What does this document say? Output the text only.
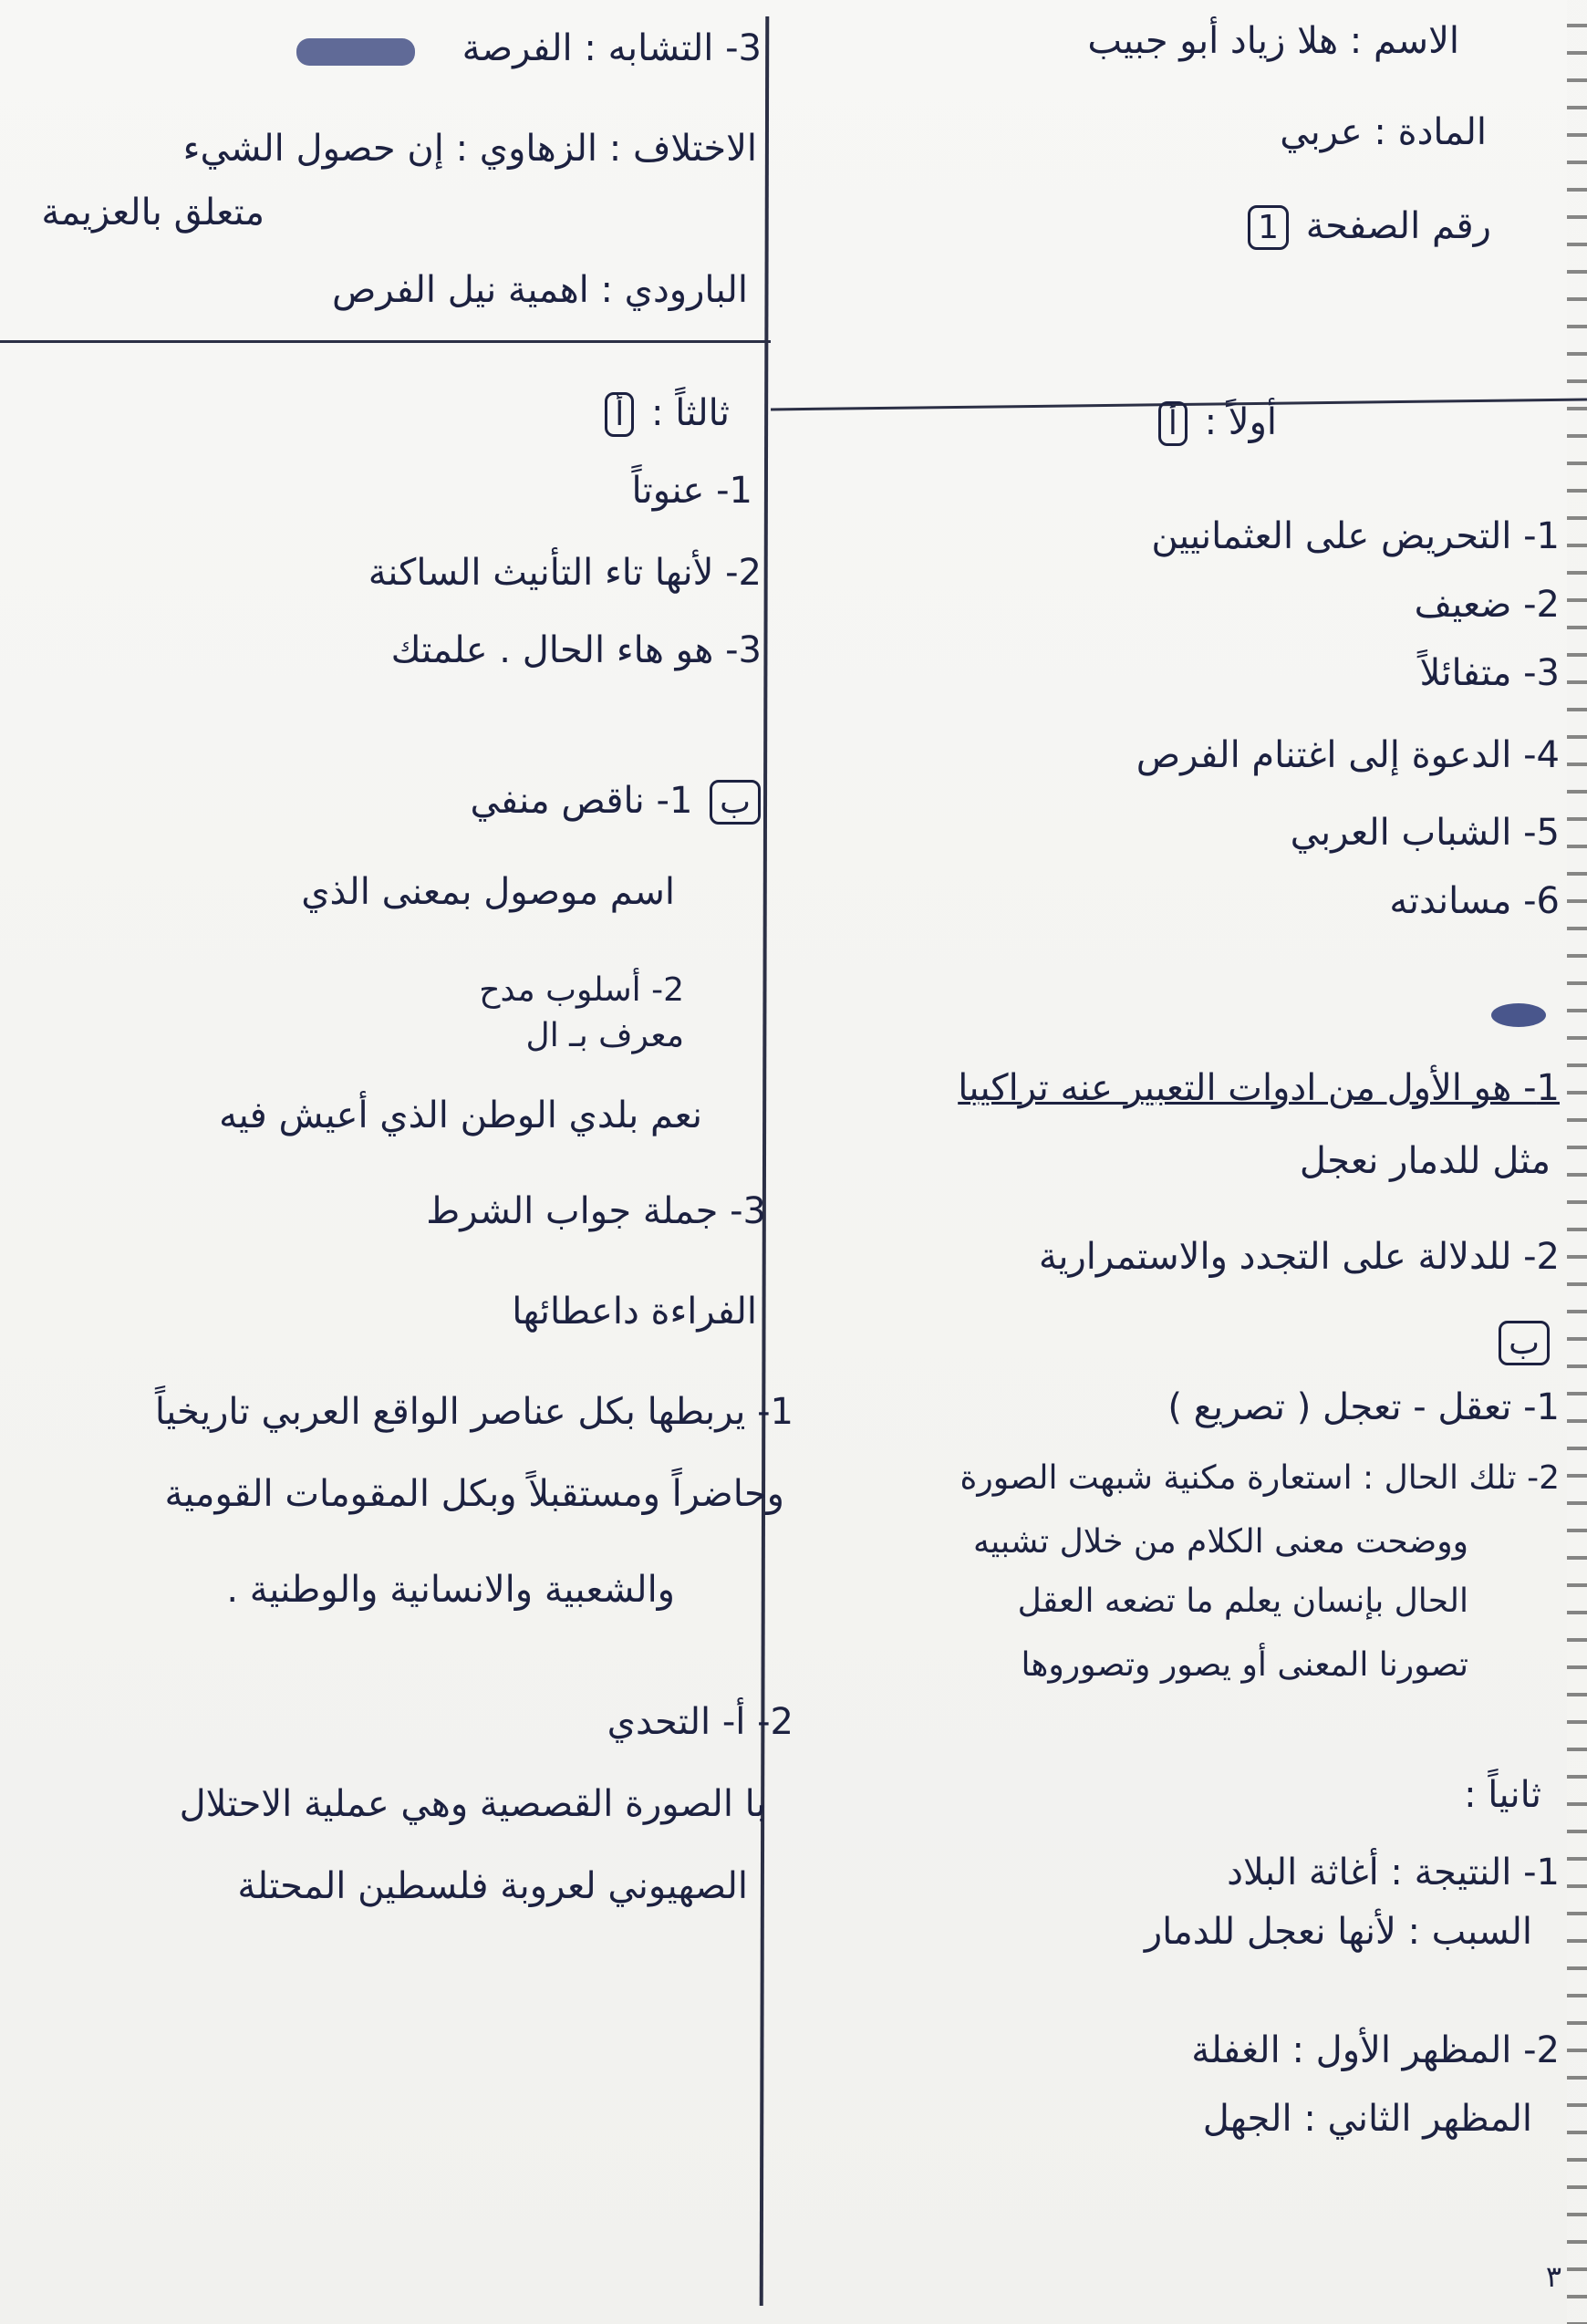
الاسم : هلا زياد أبو جبيب
المادة : عربي
رقم الصفحة 1
3- التشابه : الفرصة
الاختلاف : الزهاوي : إن حصول الشيء
متعلق بالعزيمة
البارودي : اهمية نيل الفرص
أولاً : أ
1- التحريض على العثمانيين
2- ضعيف
3- متفائلاً
4- الدعوة إلى اغتنام الفرص
5- الشباب العربي
6- مساندته
1- هو الأول من ادوات التعبير عنه تراكيبا
مثل للدمار نعجل
2- للدلالة على التجدد والاستمرارية
ب
1- تعقل - تعجل ( تصريع )
2- تلك الحال : استعارة مكنية شبهت الصورة
ووضحت معنى الكلام من خلال تشبيه
الحال بإنسان يعلم ما تضعه العقل
تصورنا المعنى أو يصور وتصوروها
ثانياً :
1- النتيجة : أغاثة البلاد
السبب : لأنها نعجل للدمار
2- المظهر الأول : الغفلة
المظهر الثاني : الجهل
ثالثاً : أ
1- عنوتاً
2- لأنها تاء التأنيث الساكنة
3- هو هاء الحال . علمتك
ب 1- ناقص منفي
اسم موصول بمعنى الذي
2- أسلوب مدح
معرف بـ ال
نعم بلدي الوطن الذي أعيش فيه
3- جملة جواب الشرط
الفراءة داعطائها
1- يربطها بكل عناصر الواقع العربي تاريخياً
وحاضراً ومستقبلاً وبكل المقومات القومية
والشعبية والانسانية والوطنية .
2- أ- التحدي
با الصورة القصصية وهي عملية الاحتلال
الصهيوني لعروبة فلسطين المحتلة
٣
